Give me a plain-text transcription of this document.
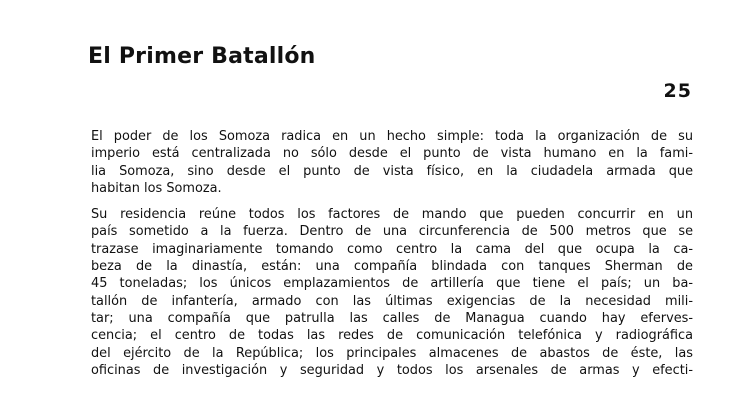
El Primer Batallón
25

El poder de los Somoza radica en un hecho simple: toda la organización de su
imperio está centralizada no sólo desde el punto de vista humano en la fami-
lia Somoza, sino desde el punto de vista físico, en la ciudadela armada que
habitan los Somoza.

Su residencia reúne todos los factores de mando que pueden concurrir en un
país sometido a la fuerza. Dentro de una circunferencia de 500 metros que se
trazase imaginariamente tomando como centro la cama del que ocupa la ca-
beza de la dinastía, están: una compañía blindada con tanques Sherman de
45 toneladas; los únicos emplazamientos de artillería que tiene el país; un ba-
tallón de infantería, armado con las últimas exigencias de la necesidad mili-
tar; una compañía que patrulla las calles de Managua cuando hay eferves-
cencia; el centro de todas las redes de comunicación telefónica y radiográfica
del ejército de la República; los principales almacenes de abastos de éste, las
oficinas de investigación y seguridad y todos los arsenales de armas y efecti-
